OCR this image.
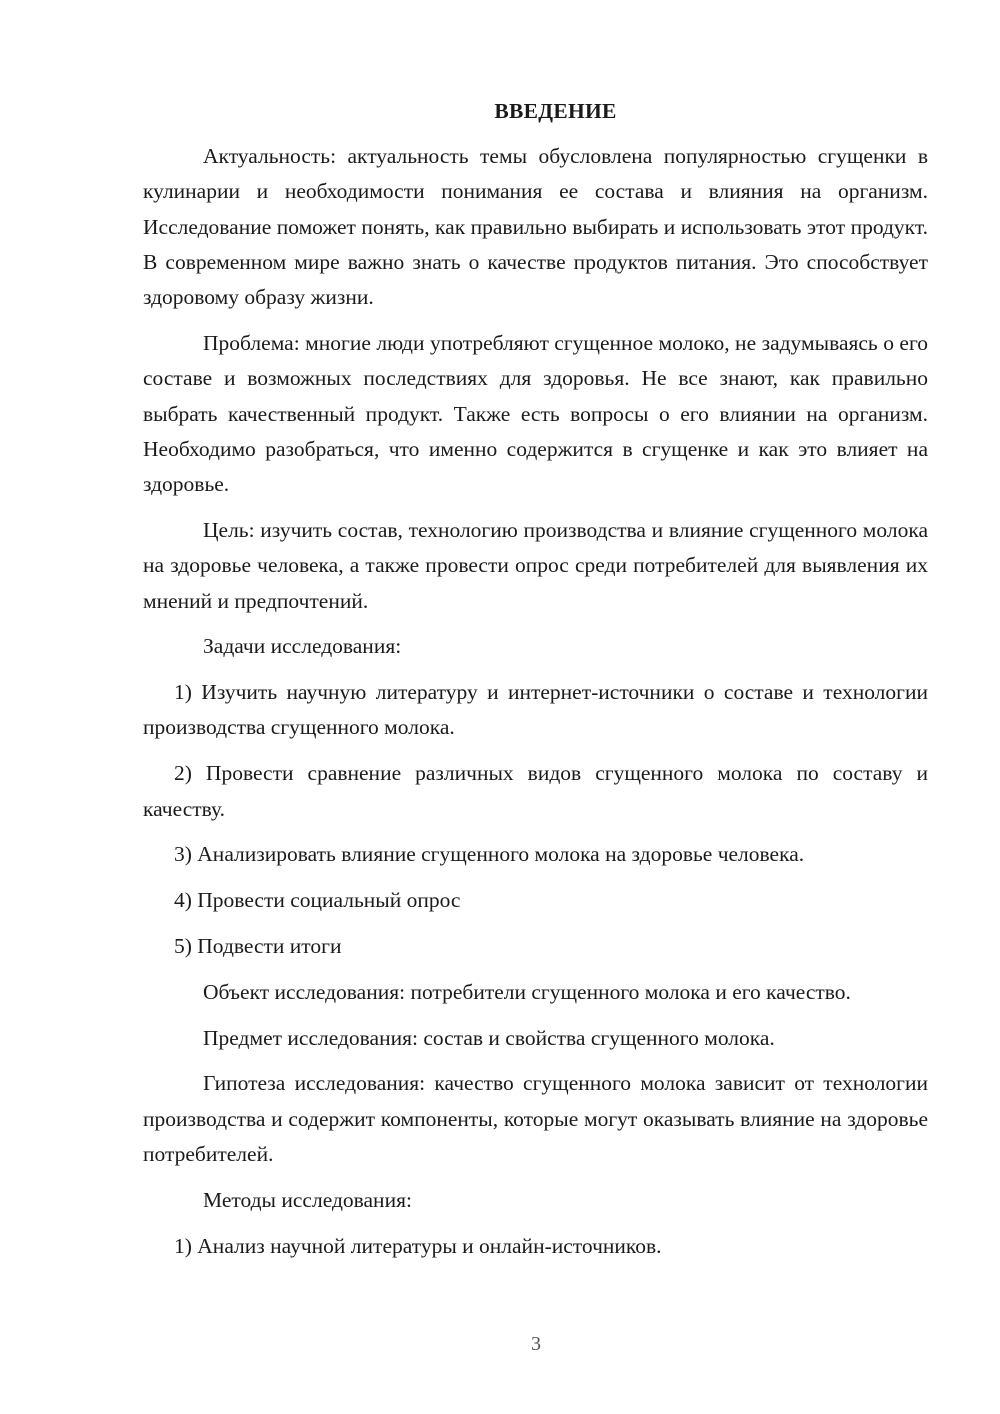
ВВЕДЕНИЕ

Актуальность: актуальность темы обусловлена популярностью сгущенки в кулинарии и необходимости понимания ее состава и влияния на организм. Исследование поможет понять, как правильно выбирать и использовать этот продукт. В современном мире важно знать о качестве продуктов питания. Это способствует здоровому образу жизни.

Проблема: многие люди употребляют сгущенное молоко, не задумываясь о его составе и возможных последствиях для здоровья. Не все знают, как правильно выбрать качественный продукт. Также есть вопросы о его влиянии на организм. Необходимо разобраться, что именно содержится в сгущенке и как это влияет на здоровье.

Цель: изучить состав, технологию производства и влияние сгущенного молока на здоровье человека, а также провести опрос среди потребителей для выявления их мнений и предпочтений.

Задачи исследования:

1) Изучить научную литературу и интернет-источники о составе и технологии производства сгущенного молока.

2) Провести сравнение различных видов сгущенного молока по составу и качеству.

3) Анализировать влияние сгущенного молока на здоровье человека.

4) Провести социальный опрос

5) Подвести итоги

Объект исследования: потребители сгущенного молока и его качество.

Предмет исследования: состав и свойства сгущенного молока.

Гипотеза исследования: качество сгущенного молока зависит от технологии производства и содержит компоненты, которые могут оказывать влияние на здоровье потребителей.

Методы исследования:

1) Анализ научной литературы и онлайн-источников.

3
